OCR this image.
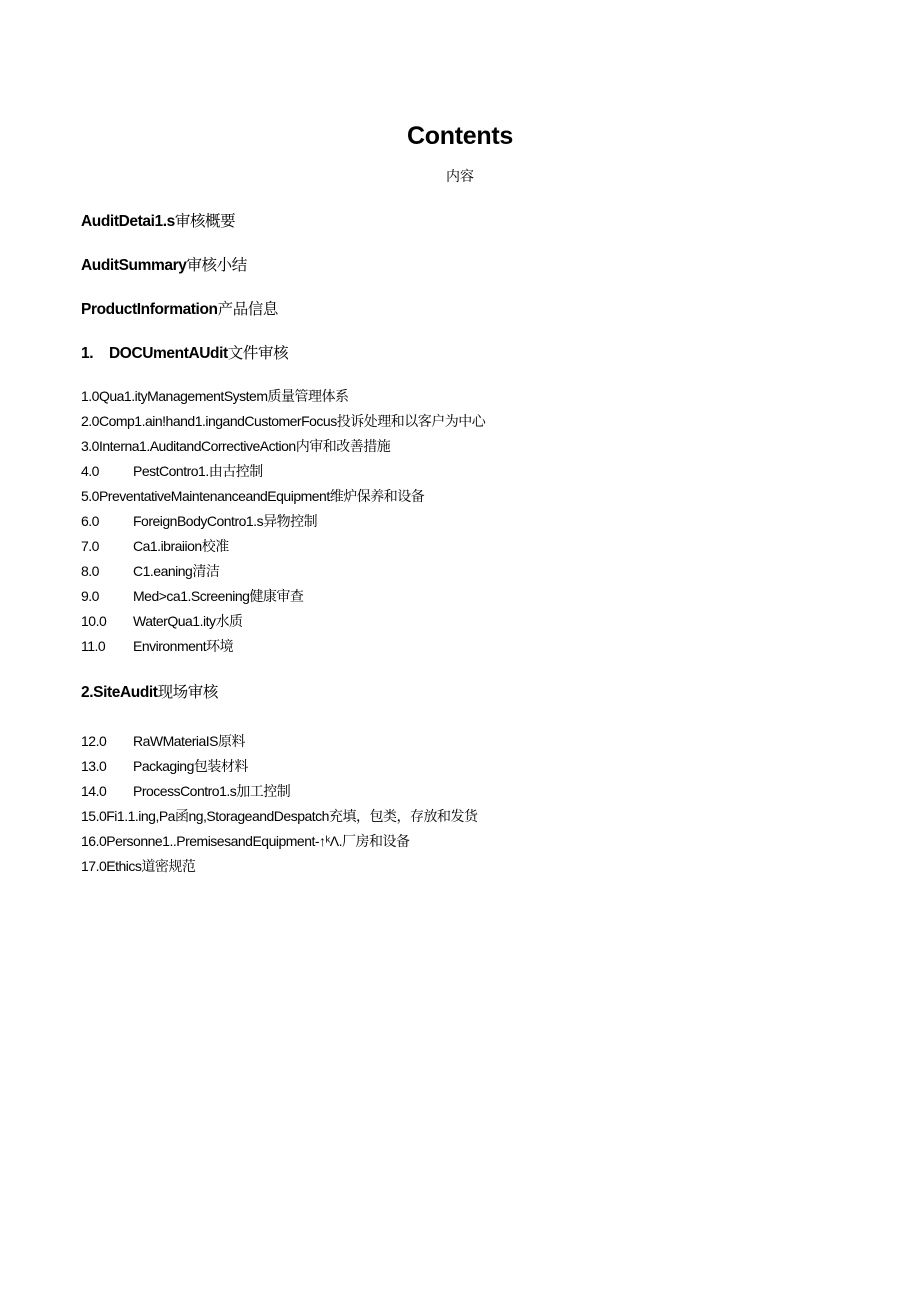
Contents
内容
AuditDetai1.s审核概要
AuditSummary审核小结
ProductInformation产品信息
1. DOCUmentAUdit文件审核
1.0Qua1.ityManagementSystem质量管理体系
2.0Comp1.ain!hand1.ingandCustomerFocus投诉处理和以客户为中心
3.0Interna1.AuditandCorrectiveAction内审和改善措施
4.0 PestContro1.由古控制
5.0PreventativeMaintenanceandEquipment维炉保养和设备
6.0 ForeignBodyContro1.s异物控制
7.0 Ca1.ibraiion校准
8.0 C1.eaning清洁
9.0 Med>ca1.Screening健康审查
10.0 WaterQua1.ity水质
11.0 Environment环境
2.SiteAudit现场审核
12.0 RaWMateriaIS原料
13.0 Packaging包装材料
14.0 ProcessContro1.s加工控制
15.0Fi1.1.ing,Pa函ng,StorageandDespatch充填，包类，存放和发货
16.0Personne1..PremisesandEquipment-↑ᵏΛ.厂房和设备
17.0Ethics道密规范
